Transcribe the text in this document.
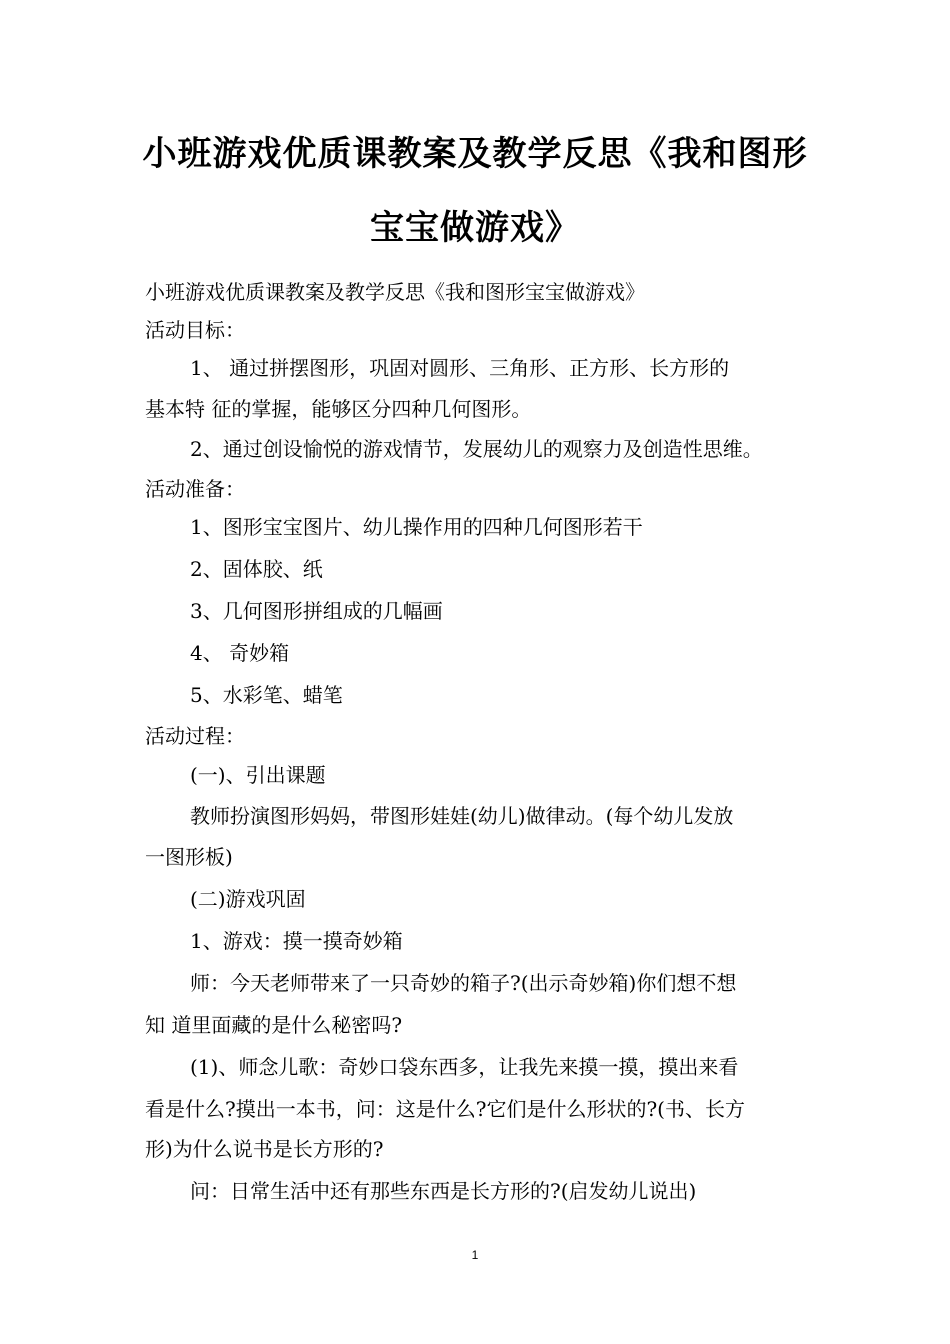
小班游戏优质课教案及教学反思《我和图形
宝宝做游戏》
小班游戏优质课教案及教学反思《我和图形宝宝做游戏》
活动目标：
1、 通过拼摆图形，巩固对圆形、三角形、正方形、长方形的
基本特 征的掌握，能够区分四种几何图形。
2、通过创设愉悦的游戏情节，发展幼儿的观察力及创造性思维。
活动准备：
1、图形宝宝图片、幼儿操作用的四种几何图形若干
2、固体胶、纸
3、几何图形拼组成的几幅画
4、 奇妙箱
5、水彩笔、蜡笔
活动过程：
(一)、引出课题
教师扮演图形妈妈，带图形娃娃(幼儿)做律动。(每个幼儿发放
一图形板)
(二)游戏巩固
1、游戏：摸一摸奇妙箱
师：今天老师带来了一只奇妙的箱子?(出示奇妙箱)你们想不想
知 道里面藏的是什么秘密吗?
(1)、师念儿歌：奇妙口袋东西多，让我先来摸一摸，摸出来看
看是什么?摸出一本书，问：这是什么?它们是什么形状的?(书、长方
形)为什么说书是长方形的?
问：日常生活中还有那些东西是长方形的?(启发幼儿说出)
1
